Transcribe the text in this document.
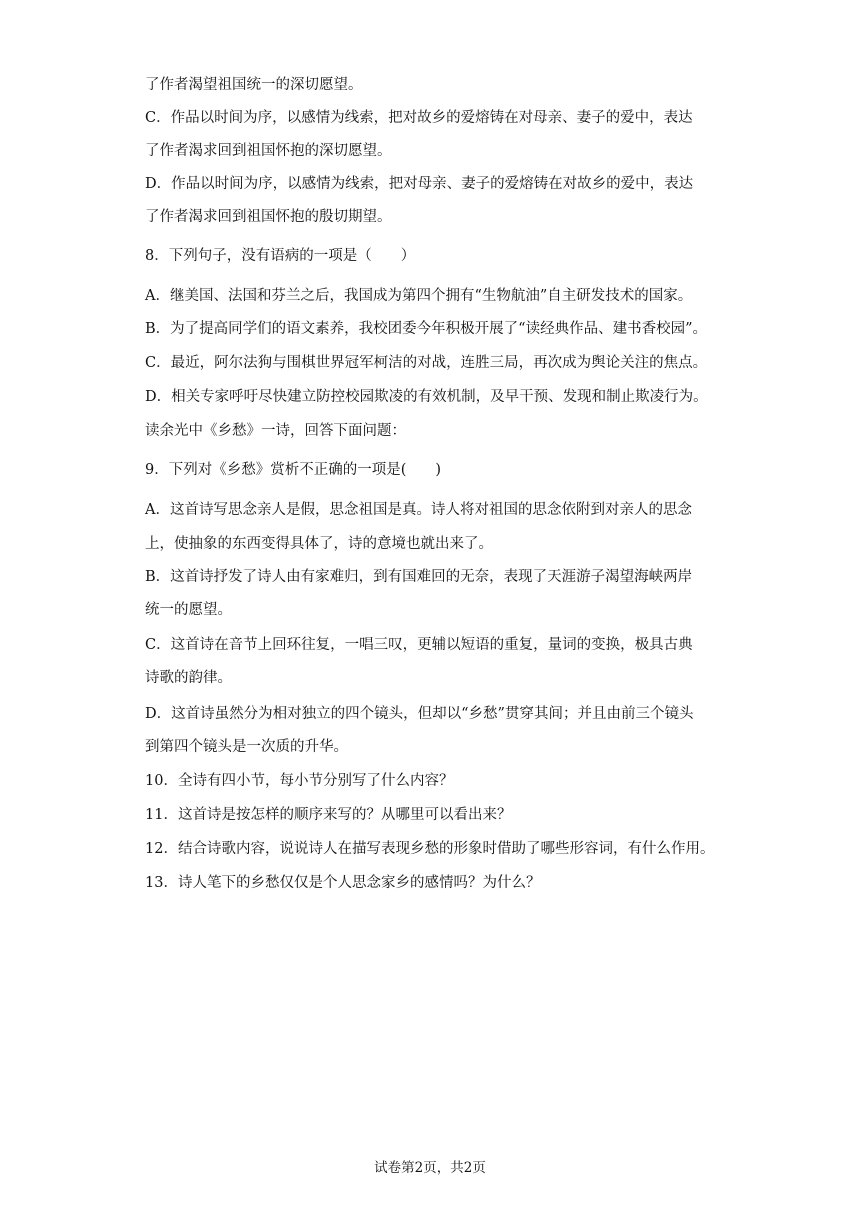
了作者渴望祖国统一的深切愿望。
C．作品以时间为序，以感情为线索，把对故乡的爱熔铸在对母亲、妻子的爱中，表达
了作者渴求回到祖国怀抱的深切愿望。
D．作品以时间为序，以感情为线索，把对母亲、妻子的爱熔铸在对故乡的爱中，表达
了作者渴求回到祖国怀抱的殷切期望。
8．下列句子，没有语病的一项是（　　）
A．继美国、法国和芬兰之后，我国成为第四个拥有“生物航油”自主研发技术的国家。
B．为了提高同学们的语文素养，我校团委今年积极开展了“读经典作品、建书香校园”。
C．最近，阿尔法狗与围棋世界冠军柯洁的对战，连胜三局，再次成为舆论关注的焦点。
D．相关专家呼吁尽快建立防控校园欺凌的有效机制，及早干预、发现和制止欺凌行为。
读余光中《乡愁》一诗，回答下面问题：
9．下列对《乡愁》赏析不正确的一项是(　　)
A．这首诗写思念亲人是假，思念祖国是真。诗人将对祖国的思念依附到对亲人的思念
上，使抽象的东西变得具体了，诗的意境也就出来了。
B．这首诗抒发了诗人由有家难归，到有国难回的无奈，表现了天涯游子渴望海峡两岸
统一的愿望。
C．这首诗在音节上回环往复，一唱三叹，更辅以短语的重复，量词的变换，极具古典
诗歌的韵律。
D．这首诗虽然分为相对独立的四个镜头，但却以“乡愁”贯穿其间；并且由前三个镜头
到第四个镜头是一次质的升华。
10．全诗有四小节，每小节分别写了什么内容？
11．这首诗是按怎样的顺序来写的？从哪里可以看出来？
12．结合诗歌内容，说说诗人在描写表现乡愁的形象时借助了哪些形容词，有什么作用。
13．诗人笔下的乡愁仅仅是个人思念家乡的感情吗？为什么？
试卷第2页，共2页
